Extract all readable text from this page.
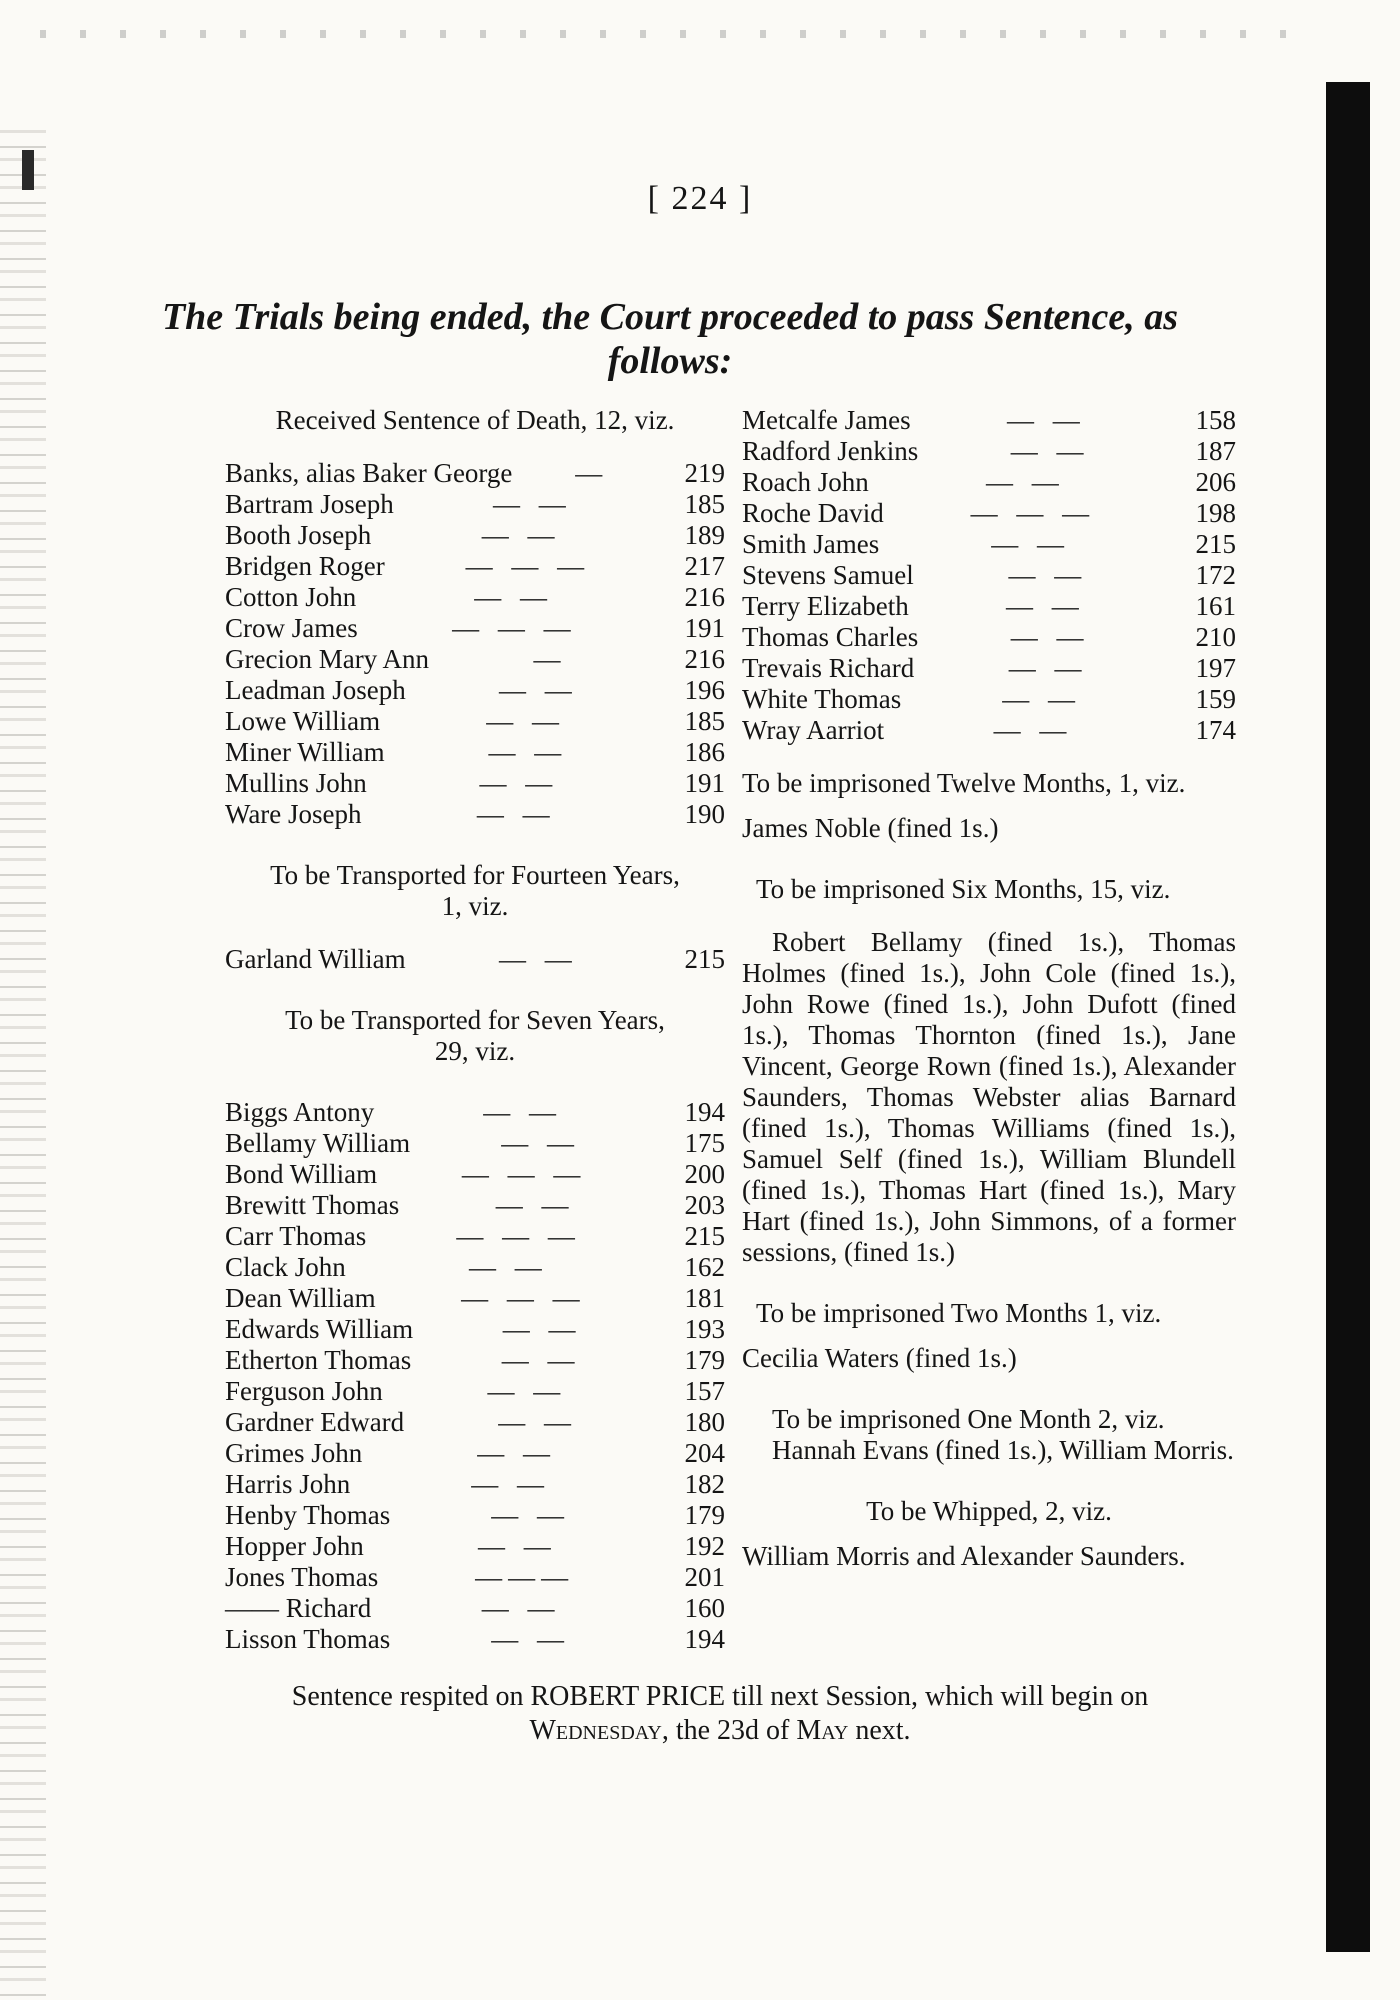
[ 224 ]
The Trials being ended, the Court proceeded to pass Sentence, as follows:

Received Sentence of Death, 12, viz.

Banks, alias Baker George	—	219
Bartram Joseph	— —	185
Booth Joseph	— —	189
Bridgen Roger	— — —	217
Cotton John	— —	216
Crow James	— — —	191
Grecion Mary Ann	—	216
Leadman Joseph	— —	196
Lowe William	— —	185
Miner William	— —	186
Mullins John	— —	191
Ware Joseph	— —	190

To be Transported for Fourteen Years,

1, viz.

Garland William	— —	215

To be Transported for Seven Years,

29, viz.

Biggs Antony	— —	194
Bellamy William	— —	175
Bond William	— — —	200
Brewitt Thomas	— —	203
Carr Thomas	— — —	215
Clack John	— —	162
Dean William	— — —	181
Edwards William	— —	193
Etherton Thomas	— —	179
Ferguson John	— —	157
Gardner Edward	— —	180
Grimes John	— —	204
Harris John	— —	182
Henby Thomas	— —	179
Hopper John	— —	192
Jones Thomas	———	201
—— Richard	— —	160
Lisson Thomas	— —	194
Metcalfe James	— —	158
Radford Jenkins	— —	187
Roach John	— —	206
Roche David	— — —	198
Smith James	— —	215
Stevens Samuel	— —	172
Terry Elizabeth	— —	161
Thomas Charles	— —	210
Trevais Richard	— —	197
White Thomas	— —	159
Wray Aarriot	— —	174

To be imprisoned Twelve Months, 1, viz.

James Noble (fined 1s.)

To be imprisoned Six Months, 15, viz.

Robert Bellamy (fined 1s.), Thomas Holmes (fined 1s.), John Cole (fined 1s.), John Rowe (fined 1s.), John Dufott (fined 1s.), Thomas Thornton (fined 1s.), Jane Vincent, George Rown (fined 1s.), Alexander Saunders, Thomas Webster alias Barnard (fined 1s.), Thomas Williams (fined 1s.), Samuel Self (fined 1s.), William Blundell (fined 1s.), Thomas Hart (fined 1s.), Mary Hart (fined 1s.), John Simmons, of a former sessions, (fined 1s.)

To be imprisoned Two Months 1, viz.

Cecilia Waters (fined 1s.)

To be imprisoned One Month 2, viz.

Hannah Evans (fined 1s.), William Morris.

To be Whipped, 2, viz.

William Morris and Alexander Saunders.

Sentence respited on ROBERT PRICE till next Session, which will begin on
Wednesday, the 23d of May next.
